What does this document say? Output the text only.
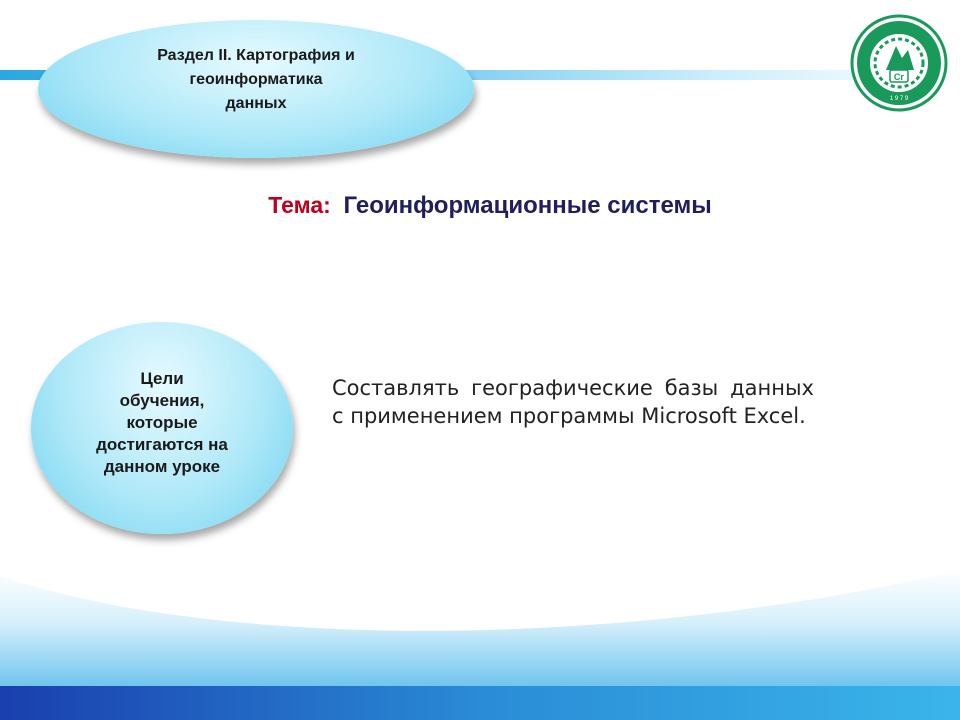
Раздел II. Картография и
геоинформатика
данных
Сг
1 9 7 9
Тема: Геоинформационные системы
Цели
обучения,
которые
достигаются на
данном уроке
Составлять географические базы данных с применением программы Microsoft Excel.
